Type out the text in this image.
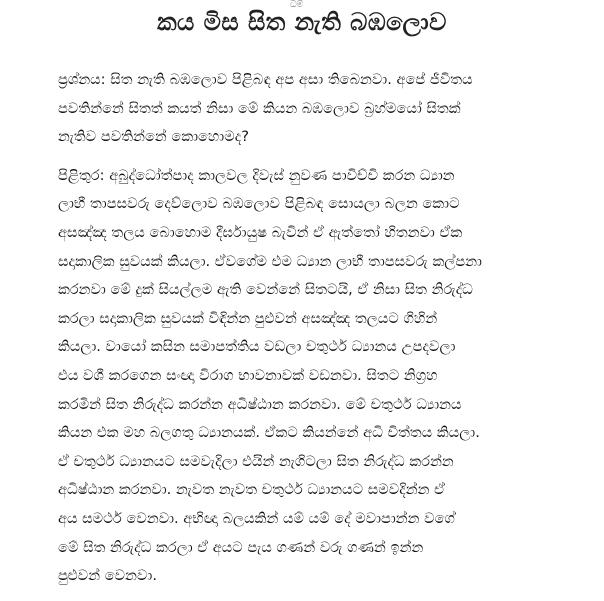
ධම්
කය මිස සිත නැති බඹලොව
ප්‍රශ්නය: සිත නැති බඹලොව පිළිබඳ අප අසා තිබෙනවා. අපේ ජීවිතය
පවතින්නේ සිතත් කයත් නිසා මේ කියන බඹලොව බ්‍රහ්මයෝ සිතක්
නැතිව පවතින්නේ කොහොමද?
පිළිතුර: අබුද්ධෝත්පාද කාලවල දිවැස් නුවණ පාවිච්චි කරන ධ්‍යාන
ලාභී තාපසවරු දෙව්ලොව බඹලොව පිළිබඳ සොයලා බලන කොට
අසඤ්ඤ තලය බොහොම දීර්ඝායුෂ බැවින් ඒ ඇත්තෝ හිතනවා ඒක
සදාකාලික සුවයක් කියලා. ඒවගේම එම ධ්‍යාන ලාභී තාපසවරු කල්පනා
කරනවා මේ දුක් සියල්ලම ඇති වෙන්නේ සිතටයි, ඒ නිසා සිත නිරුද්ධ
කරලා සදාකාලික සුවයක් විඳින්න පුළුවන් අසඤ්ඤ තලයට ගිහින්
කියලා. වායෝ කසින සමාපත්තිය වඩලා චතුර්ථ ධ්‍යානය උපදවලා
එය වශී කරගෙන සංඥා විරාග භාවනාවක් වඩනවා. සිතට නිග්‍රහ
කරමින් සිත නිරුද්ධ කරන්න අධිෂ්ඨාන කරනවා. මේ චතුර්ථ ධ්‍යානය
කියන එක මහ බලගතු ධ්‍යානයක්. ඒකට කියන්නේ අධි චිත්තය කියලා.
ඒ චතුර්ථ ධ්‍යානයට සමවැදිලා එයින් නැගිටලා සිත නිරුද්ධ කරන්න
අධිෂ්ඨාන කරනවා. නැවත නැවත චතුර්ථ ධ්‍යානයට සමවදින්න ඒ
අය සමර්ථ වෙනවා. අභිඥා බලයකින් යම් යම් දේ මවාපාන්න වගේ
මේ සිත නිරුද්ධ කරලා ඒ අයට පැය ගණන් වරු ගණන් ඉන්න
පුළුවන් වෙනවා.
